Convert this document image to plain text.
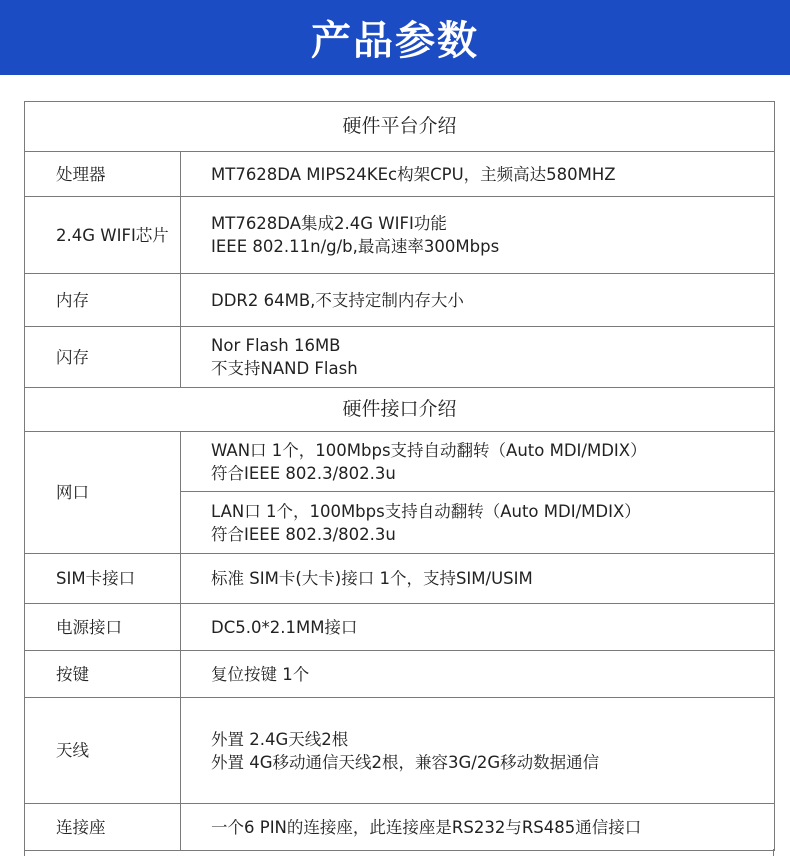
产品参数
硬件平台介绍	
处理器	MT7628DA MIPS24KEc构架CPU，主频高达580MHZ

2.4G WIFI芯片	MT7628DA集成2.4G WIFI功能
IEEE 802.11n/g/b,最高速率300Mbps

内存	DDR2 64MB,不支持定制内存大小

闪存	Nor Flash 16MB
不支持NAND Flash

硬件接口介绍	
网口	WAN口 1个，100Mbps支持自动翻转（Auto MDI/MDIX）
符合IEEE 802.3/802.3u

	LAN口 1个，100Mbps支持自动翻转（Auto MDI/MDIX）
符合IEEE 802.3/802.3u

SIM卡接口	标准 SIM卡(大卡)接口 1个，支持SIM/USIM

电源接口	DC5.0*2.1MM接口

按键	复位按键 1个

天线	外置 2.4G天线2根
外置 4G移动通信天线2根，兼容3G/2G移动数据通信

连接座	一个6 PIN的连接座，此连接座是RS232与RS485通信接口
